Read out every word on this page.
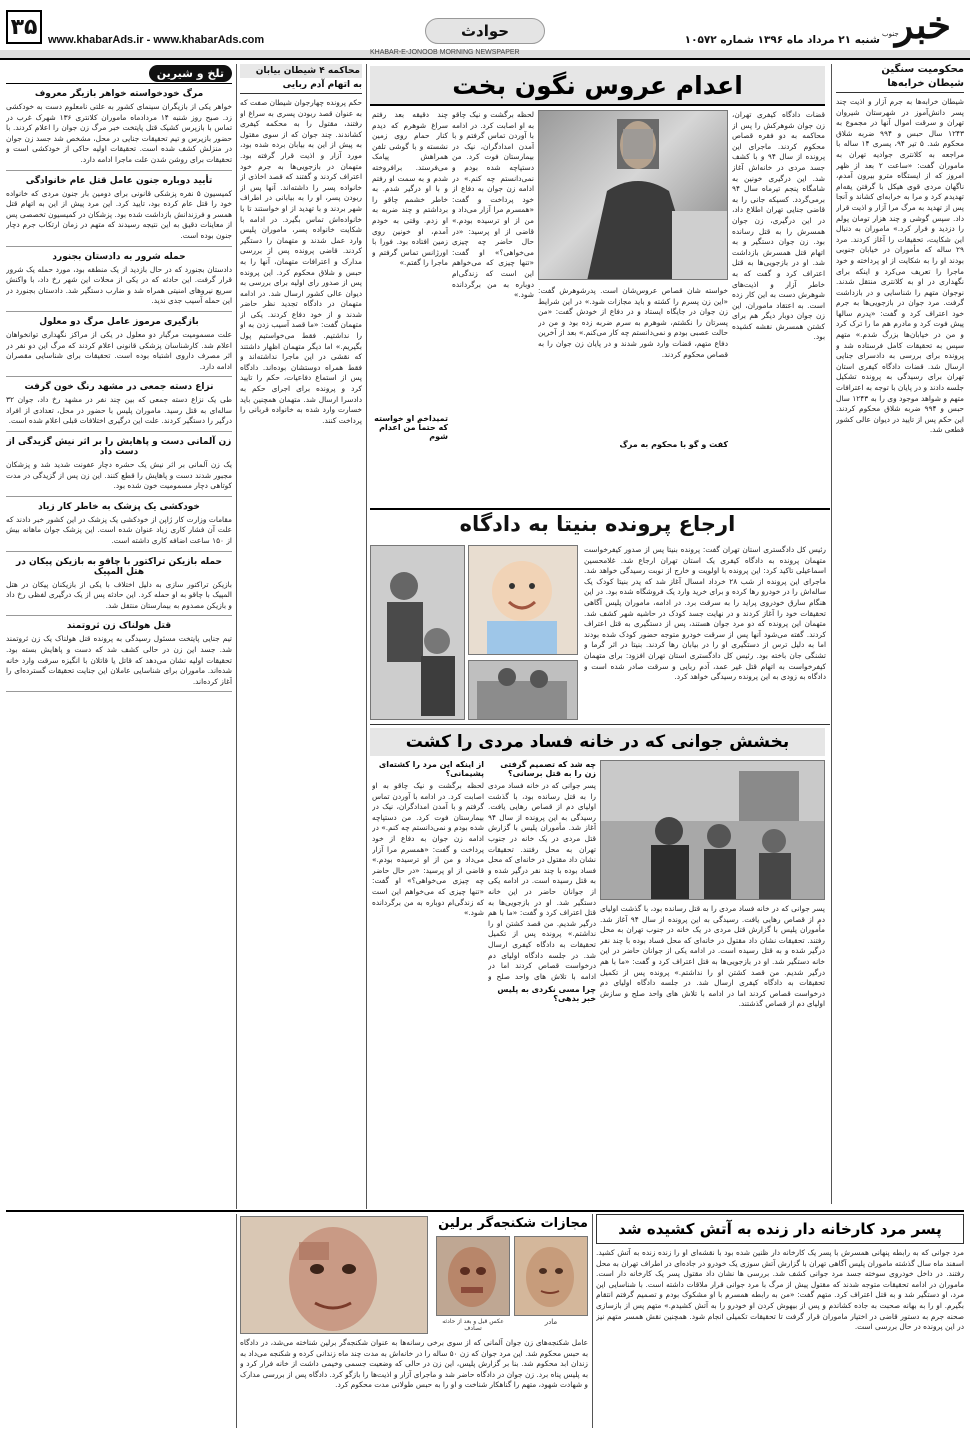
۳۵
www.khabarAds.ir - www.khabarAds.com	حوادث	شنبه ۲۱ مرداد ماه ۱۳۹۶ شماره ۱۰۵۷۲ خبر
جنوب
KHABAR-E-JONOOB MORNING NEWSPAPER
محکومیت سنگین
شیطان خرابه‌ها
شیطان خرابه‌ها به جرم آزار و اذیت چند پسر دانش‌آموز در شهرستان شیروان تهران و سرقت اموال آنها در مجموع به ۱۲۴۳ سال حبس و ۹۹۴ ضربه شلاق محکوم شد. ۵ تیر ۹۴، پسری ۱۴ ساله با مراجعه به کلانتری جوادیه تهران به ماموران گفت: «ساعت ۲ بعد از ظهر امروز که از ایستگاه مترو بیرون آمدم، ناگهان مردی قوی هیکل با گرفتن یقه‌ام تهدیدم کرد و مرا به خرابه‌ای کشاند و آنجا پس از تهدید به مرگ مرا آزار و اذیت قرار داد. سپس گوشی و چند هزار تومان پولم را دزدید و فرار کرد.» ماموران به دنبال این شکایت، تحقیقات را آغاز کردند. مرد ۲۹ ساله که مأموران در خیابان جنوبی بودند او را به شکایت از او پرداخته و خود ماجرا را تعریف می‌کرد و اینکه برای نگهداری در او به کلانتری منتقل شدند. نوجوان متهم را شناسایی و در بازداشت گرفت. مرد جوان در بازجویی‌ها به جرم خود اعتراف کرد و گفت: «پدرم سالها پیش فوت کرد و مادرم هم ما را ترک کرد و من در خیابان‌ها بزرگ شدم.» متهم سپس به تحقیقات کامل فرستاده شد و پرونده برای بررسی به دادسرای جنایی ارسال شد. قضات دادگاه کیفری استان تهران برای رسیدگی به پرونده تشکیل جلسه دادند و در پایان با توجه به اعترافات متهم و شواهد موجود وی را به ۱۲۴۳ سال حبس و ۹۹۴ ضربه شلاق محکوم کردند. این حکم پس از تایید در دیوان عالی کشور قطعی شد.
اعدام عروس نگون بخت
قضات دادگاه کیفری تهران، زن جوان شوهرکش را پس از محاکمه به دو فقره قصاص محکوم کردند. ماجرای این پرونده از سال ۹۴ و با کشف جسد مردی در خانه‌اش آغاز شد. این درگیری خونین به شامگاه پنجم تیرماه سال ۹۴ برمی‌گردد. کسیکه جانی را به قاضی جنایی تهران اطلاع داد، در این درگیری، زن جوان همسرش را به قتل رسانده بود. زن جوان دستگیر و به اتهام قتل همسرش بازداشت شد. او در بازجویی‌ها به قتل اعتراف کرد و گفت که به خاطر آزار و اذیت‌های شوهرش دست به این کار زده است. به اعتقاد ماموران، این زن جوان دوبار دیگر هم برای کشتن همسرش نقشه کشیده بود.
خواسته شان قصاص عروس‌شان است. پدرشوهرش گفت: «این زن پسرم را کشته و باید مجازات شود.» در این شرایط زن جوان در جایگاه ایستاد و در دفاع از خودش گفت: «من پسرتان را نکشتم، شوهرم به سرم ضربه زده بود و من در حالت عصبی بودم و نمی‌دانستم چه کار می‌کنم.» بعد از آخرین دفاع متهم، قضات وارد شور شدند و در پایان زن جوان را به قصاص محکوم کردند.
کفت و گو با محکوم به مرگ
لحظه برگشت و نیک چاقو به او اصابت کرد. در ادامه با آوردن تماس گرفتم و با آمدن امدادگران، نیک در بیمارستان فوت کرد. من دستپاچه شده بودم و نمی‌دانستم چه کنم.» در ادامه زن جوان به دفاع از خود پرداخت و گفت: «همسرم مرا آزار می‌داد و من از او ترسیده بودم.» قاضی از او پرسید: «در حال حاضر چه چیزی می‌خواهی؟» او گفت: «تنها چیزی که می‌خواهم این است که زندگی‌ام دوباره به من برگردانده شود.»
چند دقیقه بعد رفتم سراغ شوهرم که دیدم کنار حمام روی زمین نشسته و با گوشی تلفن همراهش پیامک می‌فرستد. برافروخته شدم و به سمت او رفتم و با او درگیر شدم. به خاطر خشمم چاقو را برداشتم و چند ضربه به او زدم. وقتی به خودم آمدم، او خونین روی زمین افتاده بود. فورا با اورژانس تماس گرفتم و ماجرا را گفتم.»
تمیداخم او خواسته که حتماً من اعدام شوم
ارجاع پرونده بنیتا به دادگاه
رئیس کل دادگستری استان تهران گفت: پرونده بنیتا پس از صدور کیفرخواست متهمان پرونده به دادگاه کیفری یک استان تهران ارجاع شد. غلامحسین اسماعیلی تاکید کرد: این پرونده با اولویت و خارج از نوبت رسیدگی خواهد شد. ماجرای این پرونده از شب ۲۸ خرداد امسال آغاز شد که پدر بنیتا کودک یک ساله‌اش را در خودرو رها کرده و برای خرید وارد یک فروشگاه شده بود. در این هنگام سارق خودروی پراید را به سرقت برد. در ادامه، ماموران پلیس آگاهی تحقیقات خود را آغاز کردند و در نهایت جسد کودک در حاشیه شهر کشف شد. متهمان این پرونده که دو مرد جوان هستند، پس از دستگیری به قتل اعتراف کردند. گفته می‌شود آنها پس از سرقت خودرو متوجه حضور کودک شده بودند اما به دلیل ترس از دستگیری او را در بیابان رها کردند. بنیتا در اثر گرما و تشنگی جان باخته بود. رئیس کل دادگستری استان تهران افزود: برای متهمان کیفرخواست به اتهام قتل غیر عمد، آدم ربایی و سرقت صادر شده است و دادگاه به زودی به این پرونده رسیدگی خواهد کرد.
بخشش جوانی که در خانه فساد مردی را کشت
پسر جوانی که در خانه فساد مردی را به قتل رسانده بود، با گذشت اولیای دم از قصاص رهایی یافت. رسیدگی به این پرونده از سال ۹۴ آغاز شد. مأموران پلیس با گزارش قتل مردی در یک خانه در جنوب تهران به محل رفتند. تحقیقات نشان داد مقتول در خانه‌ای که محل فساد بوده با چند نفر درگیر شده و به قتل رسیده است. در ادامه یکی از جوانان حاضر در این خانه دستگیر شد. او در بازجویی‌ها به قتل اعتراف کرد و گفت: «ما با هم درگیر شدیم. من قصد کشتن او را نداشتم.» پرونده پس از تکمیل تحقیقات به دادگاه کیفری ارسال شد. در جلسه دادگاه اولیای دم درخواست قصاص کردند اما در ادامه با تلاش های واحد صلح و سازش اولیای دم از قصاص گذشتند.
چه شد که تصمیم گرفتی زن را به قتل برسانی؟
پسر جوانی که در خانه فساد مردی را به قتل رسانده بود، با گذشت اولیای دم از قصاص رهایی یافت. رسیدگی به این پرونده از سال ۹۴ آغاز شد. مأموران پلیس با گزارش قتل مردی در یک خانه در جنوب تهران به محل رفتند. تحقیقات نشان داد مقتول در خانه‌ای که محل فساد بوده با چند نفر درگیر شده و به قتل رسیده است. در ادامه یکی از جوانان حاضر در این خانه دستگیر شد. او در بازجویی‌ها به قتل اعتراف کرد و گفت: «ما با هم درگیر شدیم. من قصد کشتن او را نداشتم.» پرونده پس از تکمیل تحقیقات به دادگاه کیفری ارسال شد. در جلسه دادگاه اولیای دم درخواست قصاص کردند اما در ادامه با تلاش های واحد صلح و
چرا مسی نکردی به پلیس خبر بدهی؟
از اینکه این مرد را کشته‌ای پشیمانی؟
لحظه برگشت و نیک چاقو به او اصابت کرد. در ادامه با آوردن تماس گرفتم و با آمدن امدادگران، نیک در بیمارستان فوت کرد. من دستپاچه شده بودم و نمی‌دانستم چه کنم.» در ادامه زن جوان به دفاع از خود پرداخت و گفت: «همسرم مرا آزار می‌داد و من از او ترسیده بودم.» قاضی از او پرسید: «در حال حاضر چه چیزی می‌خواهی؟» او گفت: «تنها چیزی که می‌خواهم این است که زندگی‌ام دوباره به من برگردانده شود.»
محاکمه ۴ شیطان بیابان
به اتهام آدم ربایی
حکم پرونده چهارجوان شیطان صفت که به عنوان قصد ربودن پسری به سراغ او رفتند، مقتول را به محکمه کیفری کشاندند. چند جوان که از سوی مقتول به پیش از این به بیابان برده شده بود، مورد آزار و اذیت قرار گرفته بود. متهمان در بازجویی‌ها به جرم خود اعتراف کردند و گفتند که قصد اخاذی از خانواده پسر را داشته‌اند. آنها پس از ربودن پسر، او را به بیابانی در اطراف شهر بردند و با تهدید از او خواستند تا با خانواده‌اش تماس بگیرد. در ادامه با شکایت خانواده پسر، ماموران پلیس وارد عمل شدند و متهمان را دستگیر کردند. قاضی پرونده پس از بررسی مدارک و اعترافات متهمان، آنها را به حبس و شلاق محکوم کرد. این پرونده پس از صدور رای اولیه برای بررسی به دیوان عالی کشور ارسال شد. در ادامه متهمان در دادگاه تجدید نظر حاضر شدند و از خود دفاع کردند. یکی از متهمان گفت: «ما قصد آسیب زدن به او را نداشتیم. فقط می‌خواستیم پول بگیریم.» اما دیگر متهمان اظهار داشتند که نقشی در این ماجرا نداشته‌اند و فقط همراه دوستشان بوده‌اند. دادگاه پس از استماع دفاعیات، حکم را تایید کرد و پرونده برای اجرای حکم به دادسرا ارسال شد. متهمان همچنین باید خسارت وارد شده به خانواده قربانی را پرداخت کنند.
تلخ و شیرین
مرگ خودخواسته خواهر بازیگر معروف
خواهر یکی از بازیگران سینمای کشور به علتی نامعلوم دست به خودکشی زد. صبح روز شنبه ۱۴ مردادماه ماموران کلانتری ۱۳۶ شهرک غرب در تماس با بازپرس کشیک قتل پایتخت خبر مرگ زن جوان را اعلام کردند. با حضور بازپرس و تیم تحقیقات جنایی در محل، مشخص شد جسد زن جوان در منزلش کشف شده است. تحقیقات اولیه حاکی از خودکشی است و تحقیقات برای روشن شدن علت ماجرا ادامه دارد.
تأیید دوباره جنون عامل قتل عام خانوادگی
کمیسیون ۵ نفره پزشکی قانونی برای دومین بار جنون مردی که خانواده خود را قتل عام کرده بود، تایید کرد. این مرد پیش از این به اتهام قتل همسر و فرزندانش بازداشت شده بود. پزشکان در کمیسیون تخصصی پس از معاینات دقیق به این نتیجه رسیدند که متهم در زمان ارتکاب جرم دچار جنون بوده است.
حمله شرور به دادستان بجنورد
دادستان بجنورد که در حال بازدید از یک منطقه بود، مورد حمله یک شرور قرار گرفت. این حادثه که در یکی از محلات این شهر رخ داد، با واکنش سریع نیروهای امنیتی همراه شد و ضارب دستگیر شد. دادستان بجنورد در این حمله آسیب جدی ندید.
بازگیری مرموز عامل مرگ دو معلول
علت مسمومیت مرگبار دو معلول در یکی از مراکز نگهداری توانخواهان اعلام شد. کارشناسان پزشکی قانونی اعلام کردند که مرگ این دو نفر در اثر مصرف داروی اشتباه بوده است. تحقیقات برای شناسایی مقصران ادامه دارد.
نزاع دسته جمعی در مشهد رنگ خون گرفت
طی یک نزاع دسته جمعی که بین چند نفر در مشهد رخ داد، جوان ۳۲ ساله‌ای به قتل رسید. ماموران پلیس با حضور در محل، تعدادی از افراد درگیر را دستگیر کردند. علت این درگیری اختلافات قبلی اعلام شده است.
زن آلمانی دست و پاهایش را بر اثر نیش گزیدگی از دست داد
یک زن آلمانی بر اثر نیش یک حشره دچار عفونت شدید شد و پزشکان مجبور شدند دست و پاهایش را قطع کنند. این زن پس از گزیدگی در مدت کوتاهی دچار مسمومیت خون شده بود.
خودکشی یک پزشک به خاطر کار زیاد
مقامات وزارت کار ژاپن از خودکشی یک پزشک در این کشور خبر دادند که علت آن فشار کاری زیاد عنوان شده است. این پزشک جوان ماهانه بیش از ۱۵۰ ساعت اضافه کاری داشته است.
حمله بازیکن تراکتور با چاقو به بازیکن پیکان در هتل المپیک
بازیکن تراکتور سازی به دلیل اختلاف با یکی از بازیکنان پیکان در هتل المپیک با چاقو به او حمله کرد. این حادثه پس از یک درگیری لفظی رخ داد و بازیکن مصدوم به بیمارستان منتقل شد.
قتل هولناک زن ثروتمند
تیم جنایی پایتخت مسئول رسیدگی به پرونده قتل هولناک یک زن ثروتمند شد. جسد این زن در حالی کشف شد که دست و پاهایش بسته بود. تحقیقات اولیه نشان می‌دهد که قاتل یا قاتلان با انگیزه سرقت وارد خانه شده‌اند. ماموران برای شناسایی عاملان این جنایت تحقیقات گسترده‌ای را آغاز کرده‌اند.
پسر مرد کارخانه دار زنده به آتش کشیده شد
مرد جوانی که به رابطه پنهانی همسرش با پسر یک کارخانه دار ظنین شده بود با نقشه‌ای او را زنده زنده به آتش کشید. اسفند ماه سال گذشته ماموران پلیس آگاهی تهران با گزارش آتش سوزی یک خودرو در جاده‌ای در اطراف تهران به محل رفتند. در داخل خودروی سوخته جسد مرد جوانی کشف شد. بررسی ها نشان داد مقتول پسر یک کارخانه دار است. ماموران در ادامه تحقیقات متوجه شدند که مقتول پیش از مرگ با مرد جوانی قرار ملاقات داشته است. با شناسایی این مرد، او دستگیر شد و به قتل اعتراف کرد. متهم گفت: «من به رابطه همسرم با او مشکوک بودم و تصمیم گرفتم انتقام بگیرم. او را به بهانه صحبت به جاده کشاندم و پس از بیهوش کردن او خودرو را به آتش کشیدم.» متهم پس از بازسازی صحنه جرم به دستور قاضی در اختیار ماموران قرار گرفت تا تحقیقات تکمیلی انجام شود. همچنین نقش همسر متهم نیز در این پرونده در حال بررسی است.
مجازات شکنجه‌گر برلین
مادر
عکس قبل و بعد از حادثه تصادف
عامل شکنجه‌های زن جوان آلمانی که از سوی برخی رسانه‌ها به عنوان شکنجه‌گر برلین شناخته می‌شد، در دادگاه به حبس محکوم شد. این مرد جوان که زن ۵۰ ساله را در خانه‌اش به مدت چند ماه زندانی کرده و شکنجه می‌داد به زندان ابد محکوم شد. بنا بر گزارش پلیس، این زن در حالی که وضعیت جسمی وخیمی داشت از خانه فرار کرد و به پلیس پناه برد. زن جوان در دادگاه حاضر شد و ماجرای آزار و اذیت‌ها را بازگو کرد. دادگاه پس از بررسی مدارک و شهادت شهود، متهم را گناهکار شناخت و او را به حبس طولانی مدت محکوم کرد.
